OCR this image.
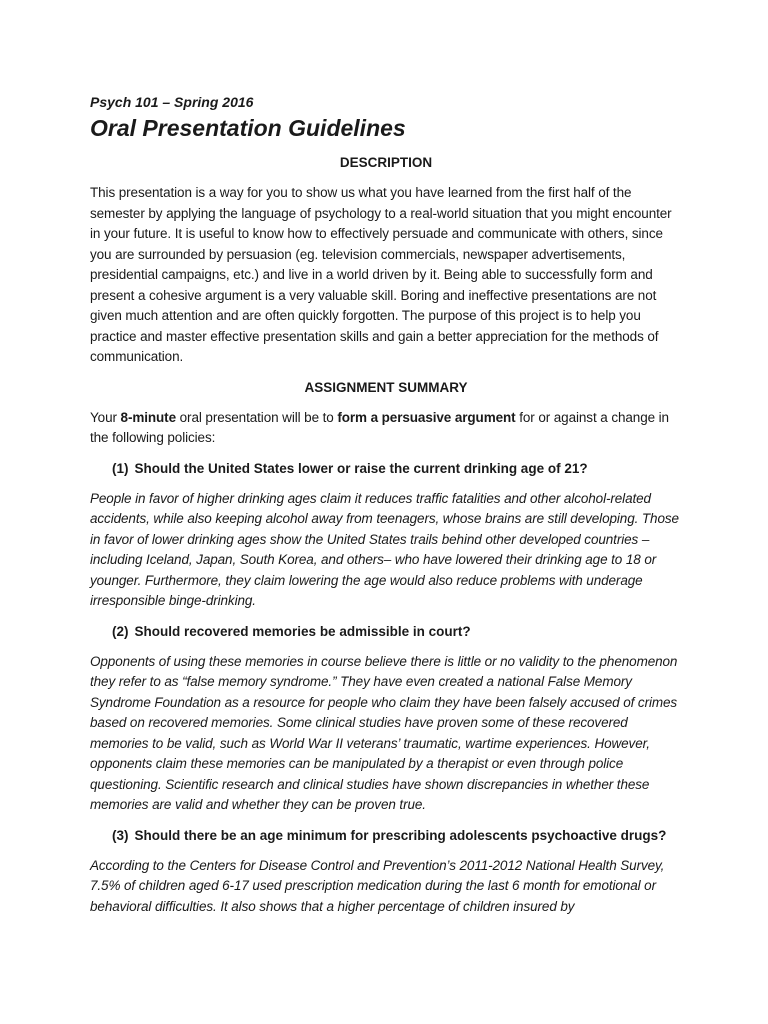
Psych 101 – Spring 2016

Oral Presentation Guidelines
DESCRIPTION

This presentation is a way for you to show us what you have learned from the first half of the semester by applying the language of psychology to a real-world situation that you might encounter in your future. It is useful to know how to effectively persuade and communicate with others, since you are surrounded by persuasion (eg. television commercials, newspaper advertisements, presidential campaigns, etc.) and live in a world driven by it. Being able to successfully form and present a cohesive argument is a very valuable skill. Boring and ineffective presentations are not given much attention and are often quickly forgotten. The purpose of this project is to help you practice and master effective presentation skills and gain a better appreciation for the methods of communication.

ASSIGNMENT SUMMARY

Your 8-minute oral presentation will be to form a persuasive argument for or against a change in the following policies:

(1) Should the United States lower or raise the current drinking age of 21?

People in favor of higher drinking ages claim it reduces traffic fatalities and other alcohol-related accidents, while also keeping alcohol away from teenagers, whose brains are still developing. Those in favor of lower drinking ages show the United States trails behind other developed countries –including Iceland, Japan, South Korea, and others– who have lowered their drinking age to 18 or younger. Furthermore, they claim lowering the age would also reduce problems with underage irresponsible binge-drinking.

(2) Should recovered memories be admissible in court?

Opponents of using these memories in course believe there is little or no validity to the phenomenon they refer to as “false memory syndrome.” They have even created a national False Memory Syndrome Foundation as a resource for people who claim they have been falsely accused of crimes based on recovered memories. Some clinical studies have proven some of these recovered memories to be valid, such as World War II veterans’ traumatic, wartime experiences. However, opponents claim these memories can be manipulated by a therapist or even through police questioning. Scientific research and clinical studies have shown discrepancies in whether these memories are valid and whether they can be proven true.

(3) Should there be an age minimum for prescribing adolescents psychoactive drugs?

According to the Centers for Disease Control and Prevention’s 2011-2012 National Health Survey, 7.5% of children aged 6-17 used prescription medication during the last 6 month for emotional or behavioral difficulties. It also shows that a higher percentage of children insured by
